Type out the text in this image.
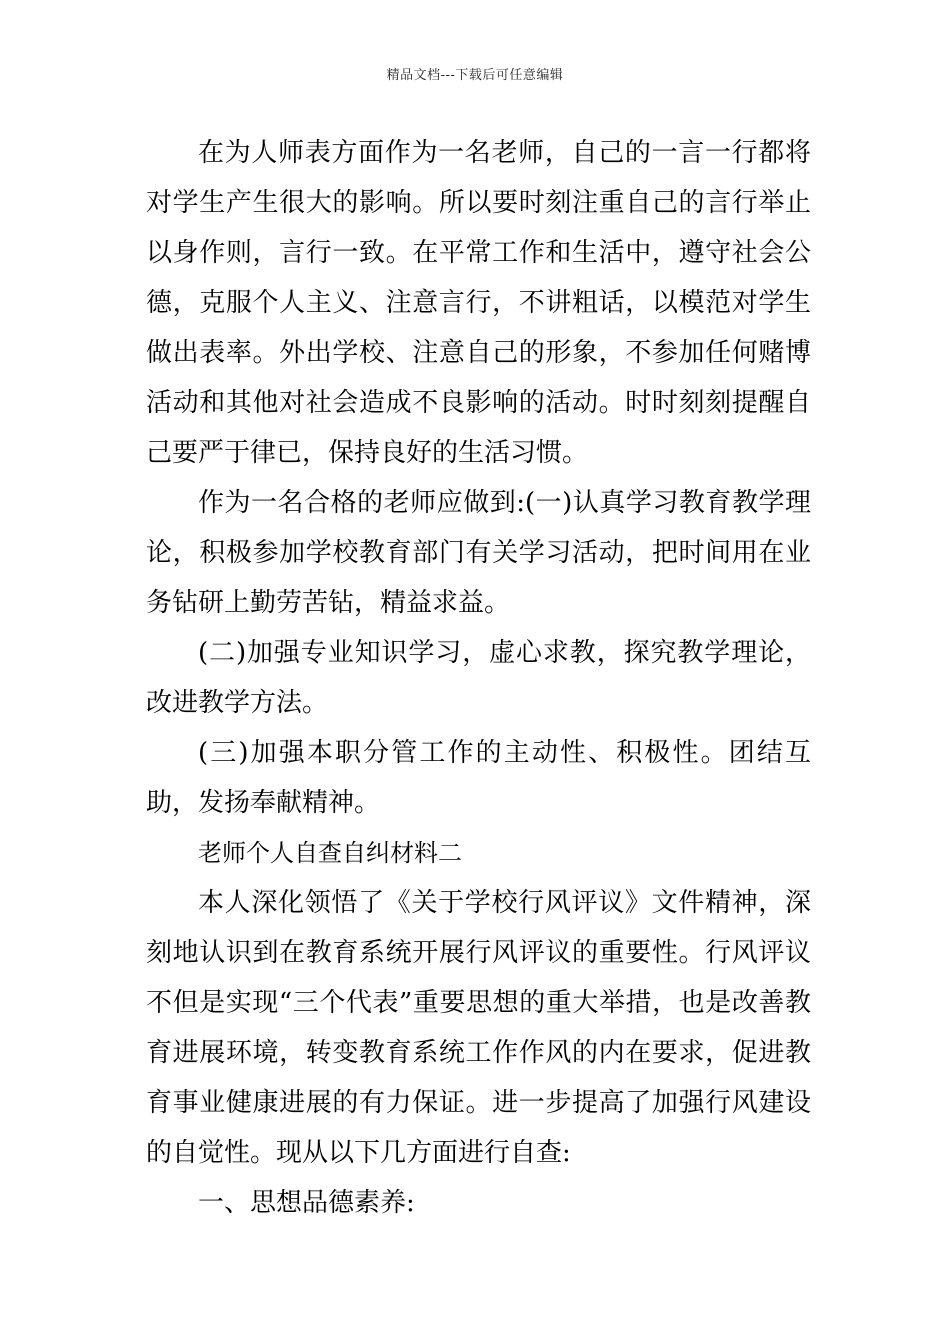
精品文档---下载后可任意编辑

在为人师表方面作为一名老师，自己的一言一行都将对学生产生很大的影响。所以要时刻注重自己的言行举止以身作则，言行一致。在平常工作和生活中，遵守社会公德，克服个人主义、注意言行，不讲粗话，以模范对学生做出表率。外出学校、注意自己的形象，不参加任何赌博活动和其他对社会造成不良影响的活动。时时刻刻提醒自己要严于律已，保持良好的生活习惯。

作为一名合格的老师应做到:(一)认真学习教育教学理论，积极参加学校教育部门有关学习活动，把时间用在业务钻研上勤劳苦钻，精益求益。

(二)加强专业知识学习，虚心求教，探究教学理论，改进教学方法。

(三)加强本职分管工作的主动性、积极性。团结互助，发扬奉献精神。

老师个人自查自纠材料二

本人深化领悟了《关于学校行风评议》文件精神，深刻地认识到在教育系统开展行风评议的重要性。行风评议不但是实现“三个代表”重要思想的重大举措，也是改善教育进展环境，转变教育系统工作作风的内在要求，促进教育事业健康进展的有力保证。进一步提高了加强行风建设的自觉性。现从以下几方面进行自查:

一、思想品德素养:
